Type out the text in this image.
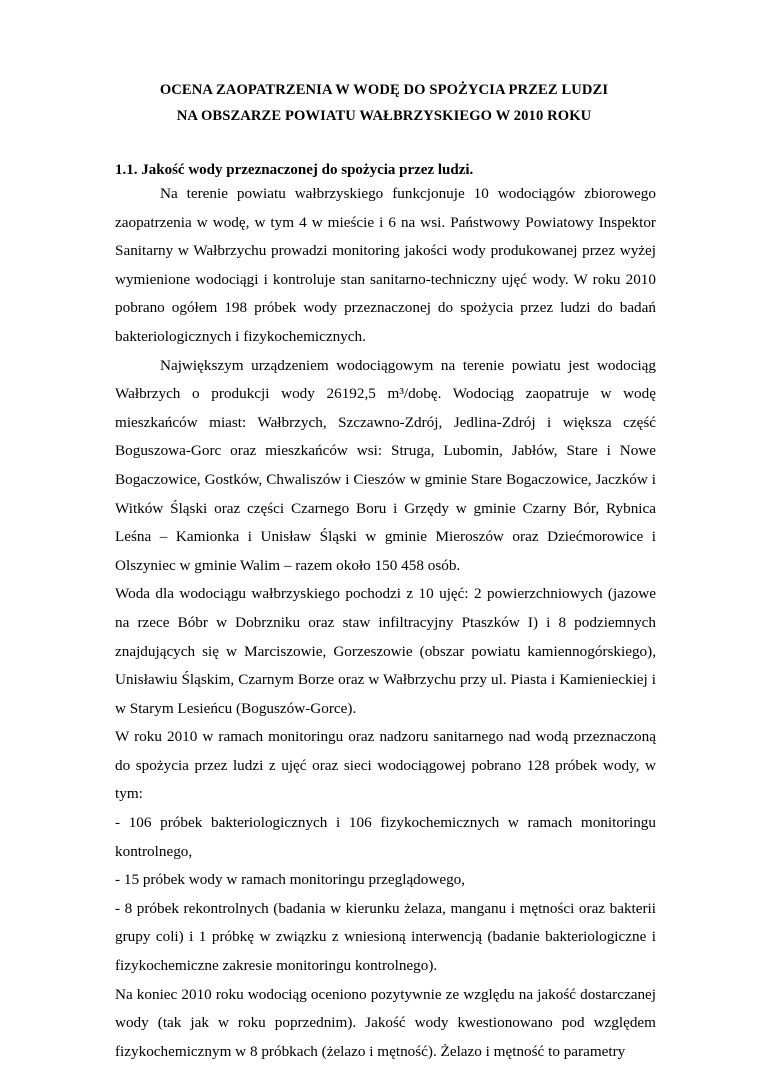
OCENA ZAOPATRZENIA W WODĘ DO SPOŻYCIA PRZEZ LUDZI
NA OBSZARZE POWIATU WAŁBRZYSKIEGO W 2010 ROKU
1.1. Jakość wody przeznaczonej do spożycia przez ludzi.

Na terenie powiatu wałbrzyskiego funkcjonuje 10 wodociągów zbiorowego zaopatrzenia w wodę, w tym 4 w mieście i 6 na wsi. Państwowy Powiatowy Inspektor Sanitarny w Wałbrzychu prowadzi monitoring jakości wody produkowanej przez wyżej wymienione wodociągi i kontroluje stan sanitarno-techniczny ujęć wody. W roku 2010 pobrano ogółem 198 próbek wody przeznaczonej do spożycia przez ludzi do badań bakteriologicznych i fizykochemicznych.

Największym urządzeniem wodociągowym na terenie powiatu jest wodociąg Wałbrzych o produkcji wody 26192,5 m³/dobę. Wodociąg zaopatruje w wodę mieszkańców miast: Wałbrzych, Szczawno-Zdrój, Jedlina-Zdrój i większa część Boguszowa-Gorc oraz mieszkańców wsi: Struga, Lubomin, Jabłów, Stare i Nowe Bogaczowice, Gostków, Chwaliszów i Cieszów w gminie Stare Bogaczowice, Jaczków i Witków Śląski oraz części Czarnego Boru i Grzędy w gminie Czarny Bór, Rybnica Leśna – Kamionka i Unisław Śląski w gminie Mieroszów oraz Dziećmorowice i Olszyniec w gminie Walim – razem około 150 458 osób.

Woda dla wodociągu wałbrzyskiego pochodzi z 10 ujęć: 2 powierzchniowych (jazowe na rzece Bóbr w Dobrzniku oraz staw infiltracyjny Ptaszków I) i 8 podziemnych znajdujących się w Marciszowie, Gorzeszowie (obszar powiatu kamiennogórskiego), Unisławiu Śląskim, Czarnym Borze oraz w Wałbrzychu przy ul. Piasta i Kamienieckiej i w Starym Lesieńcu (Boguszów-Gorce).

W roku 2010 w ramach monitoringu oraz nadzoru sanitarnego nad wodą przeznaczoną do spożycia przez ludzi z ujęć oraz sieci wodociągowej pobrano 128 próbek wody, w tym:

- 106 próbek bakteriologicznych i 106 fizykochemicznych w ramach monitoringu kontrolnego,

- 15 próbek wody w ramach monitoringu przeglądowego,

- 8 próbek rekontrolnych (badania w kierunku żelaza, manganu i mętności oraz bakterii grupy coli) i 1 próbkę w związku z wniesioną interwencją (badanie bakteriologiczne i fizykochemiczne zakresie monitoringu kontrolnego).

Na koniec 2010 roku wodociąg oceniono pozytywnie ze względu na jakość dostarczanej wody (tak jak w roku poprzednim). Jakość wody kwestionowano pod względem fizykochemicznym w 8 próbkach (żelazo i mętność). Żelazo i mętność to parametry
